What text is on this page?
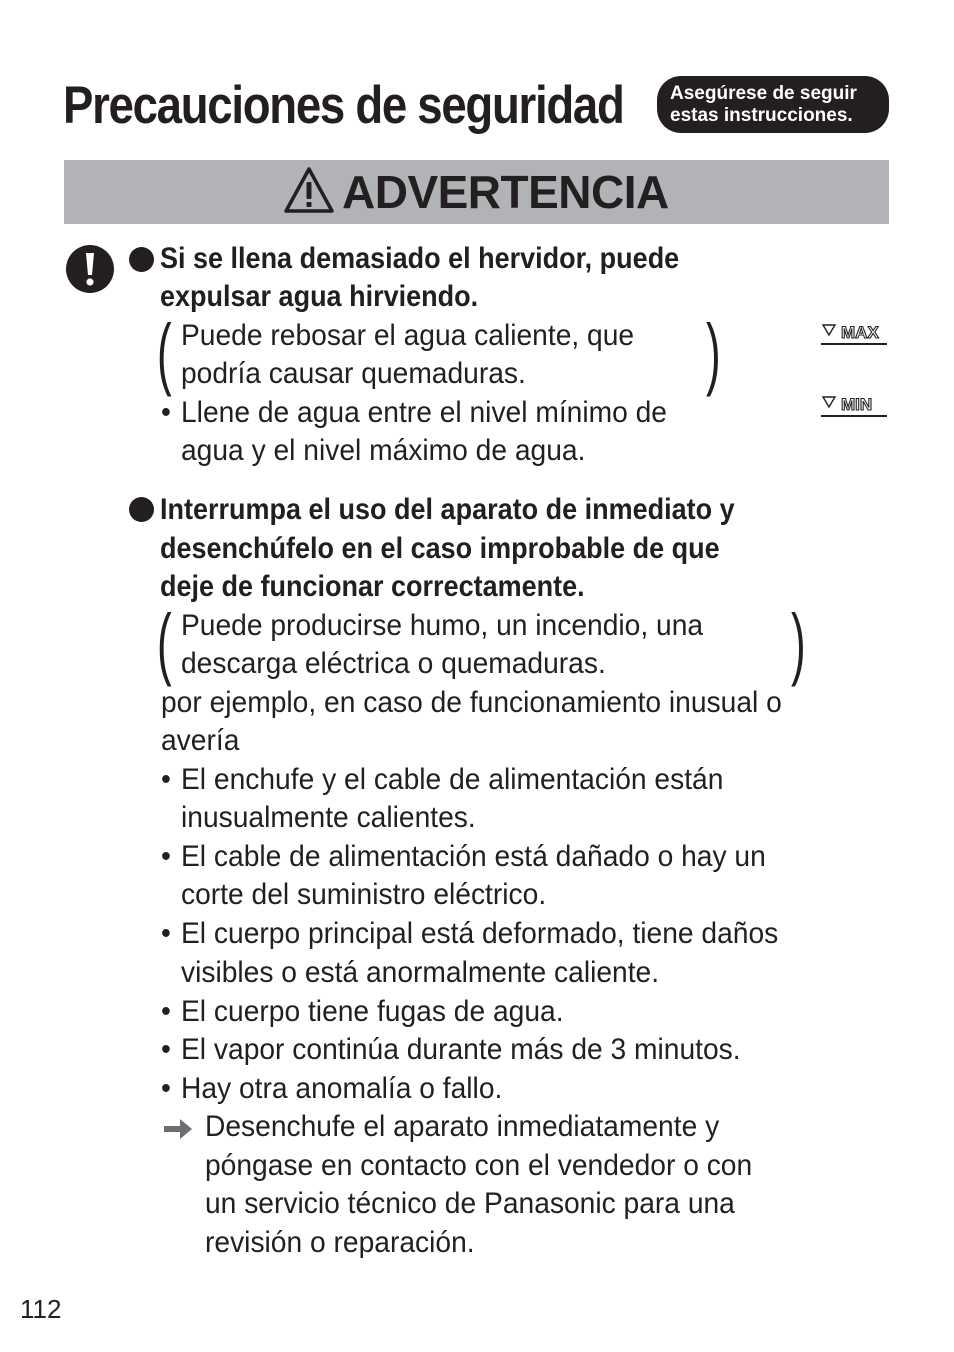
Precauciones de seguridad Asegúrese de seguir
estas instrucciones.
ADVERTENCIA
Si se llena demasiado el hervidor, puede
expulsar agua hirviendo.
( Puede rebosar el agua caliente, que
podría causar quemaduras. )
• Llene de agua entre el nivel mínimo de
agua y el nivel máximo de agua.
MAX
MIN
Interrumpa el uso del aparato de inmediato y
desenchúfelo en el caso improbable de que
deje de funcionar correctamente.
( Puede producirse humo, un incendio, una
descarga eléctrica o quemaduras. )
por ejemplo, en caso de funcionamiento inusual o
avería
• El enchufe y el cable de alimentación están
inusualmente calientes.
• El cable de alimentación está dañado o hay un
corte del suministro eléctrico.
• El cuerpo principal está deformado, tiene daños
visibles o está anormalmente caliente.
• El cuerpo tiene fugas de agua.
• El vapor continúa durante más de 3 minutos.
• Hay otra anomalía o fallo.
Desenchufe el aparato inmediatamente y
póngase en contacto con el vendedor o con
un servicio técnico de Panasonic para una
revisión o reparación.
112
